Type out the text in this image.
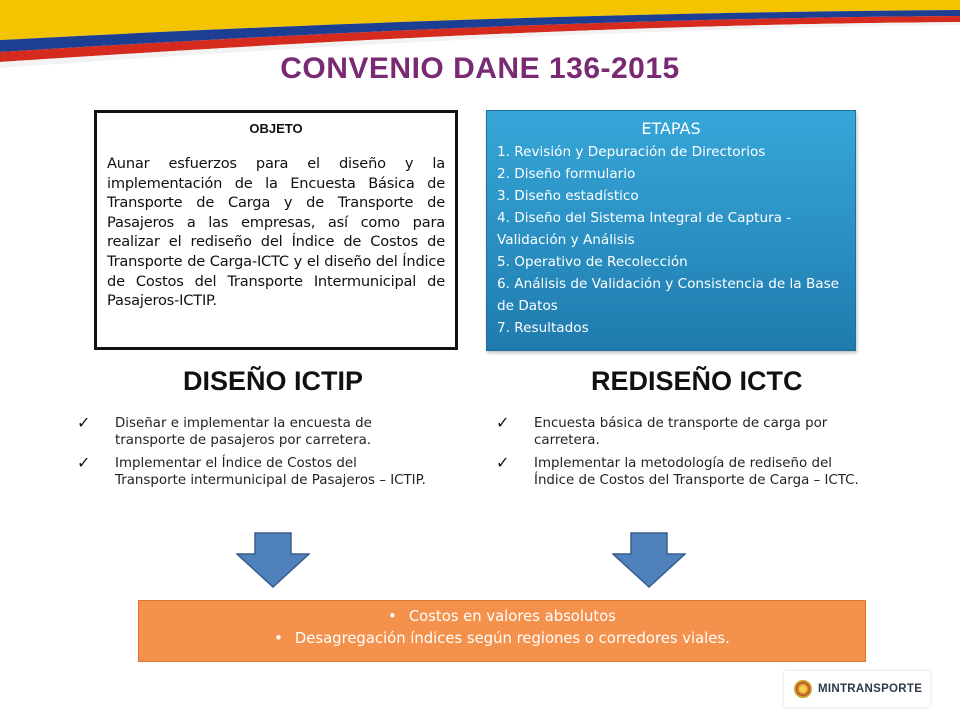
CONVENIO DANE 136-2015
OBJETO
Aunar esfuerzos para el diseño y la implementación de la Encuesta Básica de Transporte de Carga y de Transporte de Pasajeros a las empresas, así como para realizar el rediseño del Índice de Costos de Transporte de Carga-ICTC y el diseño del Índice de Costos del Transporte Intermunicipal de Pasajeros-ICTIP.
ETAPAS
1. Revisión y Depuración de Directorios
2. Diseño formulario
3. Diseño estadístico
4. Diseño del Sistema Integral de Captura - Validación y Análisis
5. Operativo de Recolección
6. Análisis de Validación y Consistencia de la Base de Datos
7. Resultados
DISEÑO ICTIP	REDISEÑO ICTC
✓ Diseñar e implementar la encuesta de transporte de pasajeros por carretera.
✓ Implementar el Índice de Costos del Transporte intermunicipal de Pasajeros – ICTIP.
✓ Encuesta básica de transporte de carga por carretera.
✓ Implementar la metodología de rediseño del Índice de Costos del Transporte de Carga – ICTC.
• Costos en valores absolutos
• Desagregación índices según regiones o corredores viales.
MINTRANSPORTE
